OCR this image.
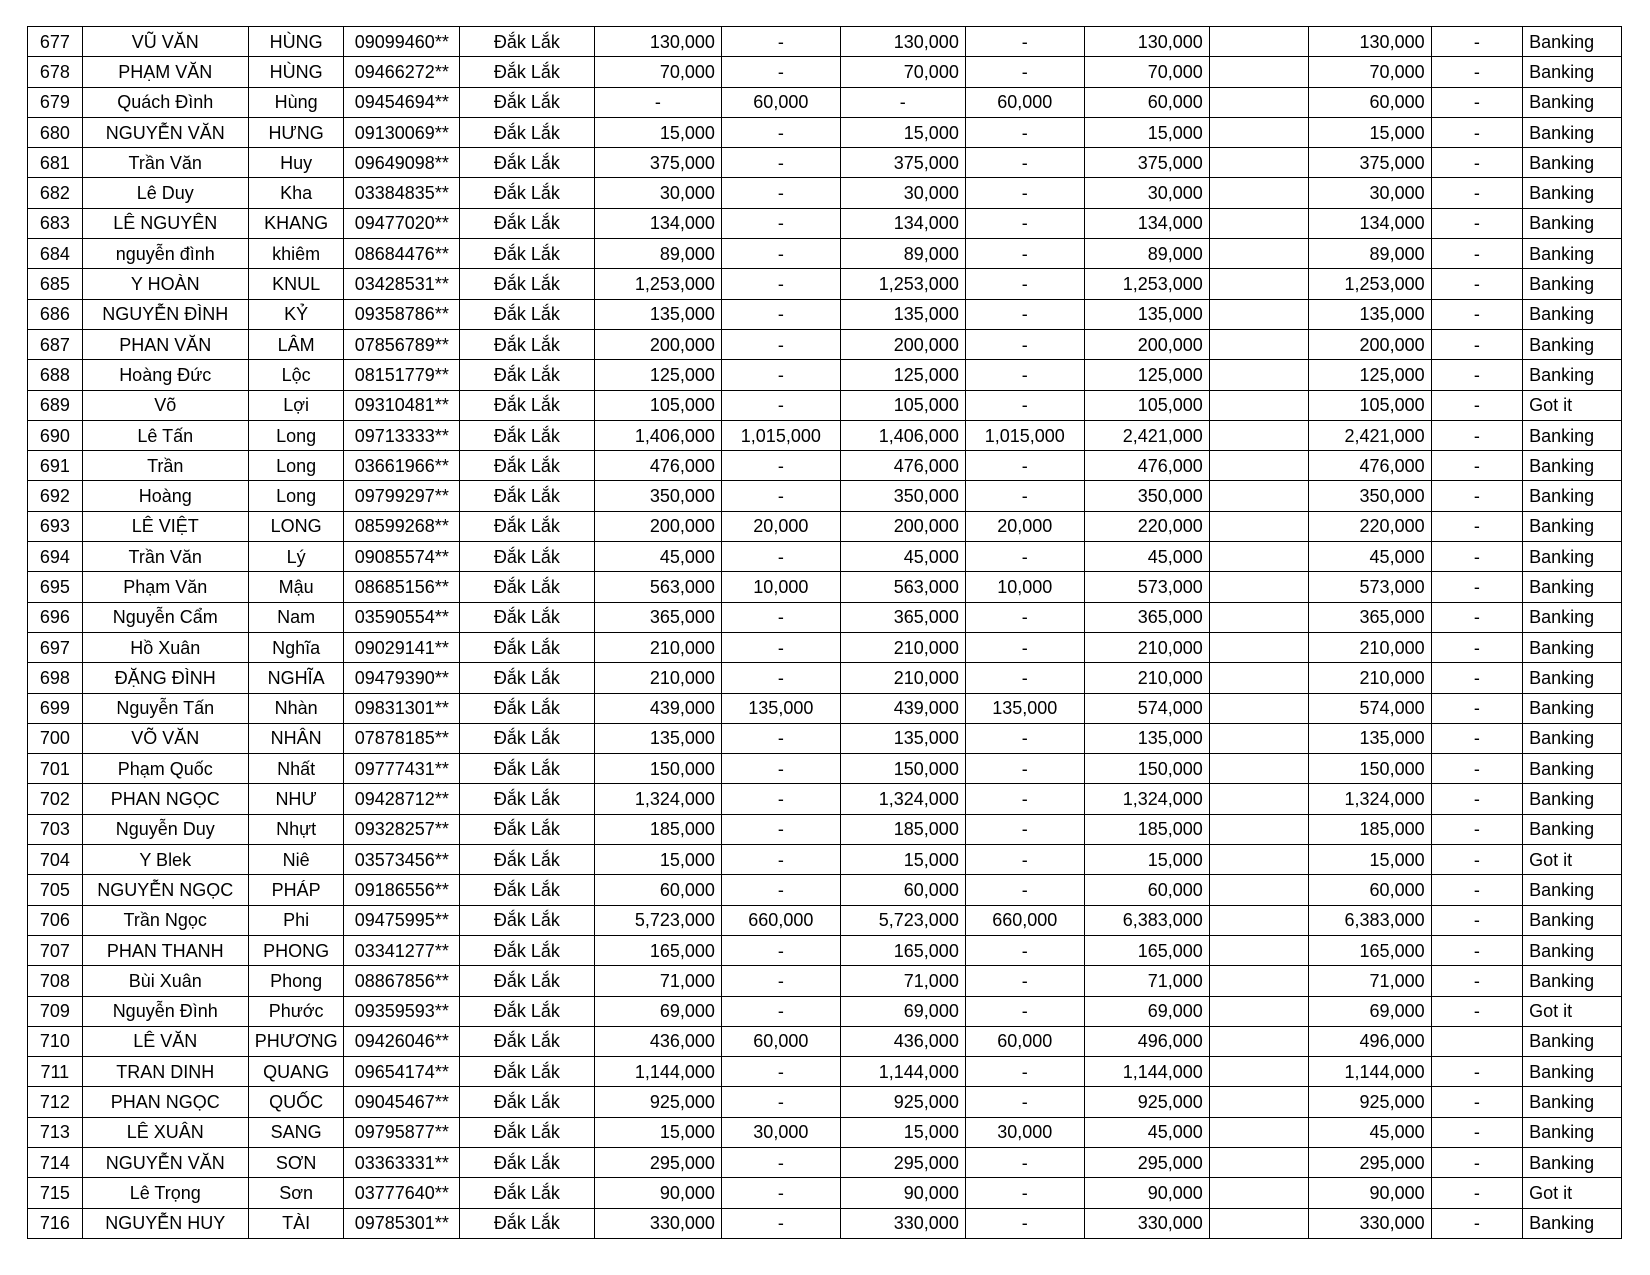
677	VŨ VĂN	HÙNG	09099460**	Đắk Lắk	130,000	-	130,000	-	130,000		130,000	-	Banking
678	PHẠM VĂN	HÙNG	09466272**	Đắk Lắk	70,000	-	70,000	-	70,000		70,000	-	Banking
679	Quách Đình	Hùng	09454694**	Đắk Lắk	-	60,000	-	60,000	60,000		60,000	-	Banking
680	NGUYỄN VĂN	HƯNG	09130069**	Đắk Lắk	15,000	-	15,000	-	15,000		15,000	-	Banking
681	Trần Văn	Huy	09649098**	Đắk Lắk	375,000	-	375,000	-	375,000		375,000	-	Banking
682	Lê Duy	Kha	03384835**	Đắk Lắk	30,000	-	30,000	-	30,000		30,000	-	Banking
683	LÊ NGUYÊN	KHANG	09477020**	Đắk Lắk	134,000	-	134,000	-	134,000		134,000	-	Banking
684	nguyễn đình	khiêm	08684476**	Đắk Lắk	89,000	-	89,000	-	89,000		89,000	-	Banking
685	Y HOÀN	KNUL	03428531**	Đắk Lắk	1,253,000	-	1,253,000	-	1,253,000		1,253,000	-	Banking
686	NGUYỄN ĐÌNH	KỶ	09358786**	Đắk Lắk	135,000	-	135,000	-	135,000		135,000	-	Banking
687	PHAN VĂN	LÂM	07856789**	Đắk Lắk	200,000	-	200,000	-	200,000		200,000	-	Banking
688	Hoàng Đức	Lộc	08151779**	Đắk Lắk	125,000	-	125,000	-	125,000		125,000	-	Banking
689	Võ	Lợi	09310481**	Đắk Lắk	105,000	-	105,000	-	105,000		105,000	-	Got it
690	Lê Tấn	Long	09713333**	Đắk Lắk	1,406,000	1,015,000	1,406,000	1,015,000	2,421,000		2,421,000	-	Banking
691	Trần	Long	03661966**	Đắk Lắk	476,000	-	476,000	-	476,000		476,000	-	Banking
692	Hoàng	Long	09799297**	Đắk Lắk	350,000	-	350,000	-	350,000		350,000	-	Banking
693	LÊ VIỆT	LONG	08599268**	Đắk Lắk	200,000	20,000	200,000	20,000	220,000		220,000	-	Banking
694	Trần Văn	Lý	09085574**	Đắk Lắk	45,000	-	45,000	-	45,000		45,000	-	Banking
695	Phạm Văn	Mậu	08685156**	Đắk Lắk	563,000	10,000	563,000	10,000	573,000		573,000	-	Banking
696	Nguyễn Cẩm	Nam	03590554**	Đắk Lắk	365,000	-	365,000	-	365,000		365,000	-	Banking
697	Hồ Xuân	Nghĩa	09029141**	Đắk Lắk	210,000	-	210,000	-	210,000		210,000	-	Banking
698	ĐẶNG ĐÌNH	NGHĨA	09479390**	Đắk Lắk	210,000	-	210,000	-	210,000		210,000	-	Banking
699	Nguyễn Tấn	Nhàn	09831301**	Đắk Lắk	439,000	135,000	439,000	135,000	574,000		574,000	-	Banking
700	VÕ VĂN	NHÂN	07878185**	Đắk Lắk	135,000	-	135,000	-	135,000		135,000	-	Banking
701	Phạm Quốc	Nhất	09777431**	Đắk Lắk	150,000	-	150,000	-	150,000		150,000	-	Banking
702	PHAN NGỌC	NHƯ	09428712**	Đắk Lắk	1,324,000	-	1,324,000	-	1,324,000		1,324,000	-	Banking
703	Nguyễn Duy	Nhựt	09328257**	Đắk Lắk	185,000	-	185,000	-	185,000		185,000	-	Banking
704	Y Blek	Niê	03573456**	Đắk Lắk	15,000	-	15,000	-	15,000		15,000	-	Got it
705	NGUYỄN NGỌC	PHÁP	09186556**	Đắk Lắk	60,000	-	60,000	-	60,000		60,000	-	Banking
706	Trần Ngọc	Phi	09475995**	Đắk Lắk	5,723,000	660,000	5,723,000	660,000	6,383,000		6,383,000	-	Banking
707	PHAN THANH	PHONG	03341277**	Đắk Lắk	165,000	-	165,000	-	165,000		165,000	-	Banking
708	Bùi Xuân	Phong	08867856**	Đắk Lắk	71,000	-	71,000	-	71,000		71,000	-	Banking
709	Nguyễn Đình	Phước	09359593**	Đắk Lắk	69,000	-	69,000	-	69,000		69,000	-	Got it
710	LÊ VĂN	PHƯƠNG	09426046**	Đắk Lắk	436,000	60,000	436,000	60,000	496,000		496,000		Banking
711	TRAN DINH	QUANG	09654174**	Đắk Lắk	1,144,000	-	1,144,000	-	1,144,000		1,144,000	-	Banking
712	PHAN NGỌC	QUỐC	09045467**	Đắk Lắk	925,000	-	925,000	-	925,000		925,000	-	Banking
713	LÊ XUÂN	SANG	09795877**	Đắk Lắk	15,000	30,000	15,000	30,000	45,000		45,000	-	Banking
714	NGUYỄN VĂN	SƠN	03363331**	Đắk Lắk	295,000	-	295,000	-	295,000		295,000	-	Banking
715	Lê Trọng	Sơn	03777640**	Đắk Lắk	90,000	-	90,000	-	90,000		90,000	-	Got it
716	NGUYỄN HUY	TÀI	09785301**	Đắk Lắk	330,000	-	330,000	-	330,000		330,000	-	Banking
